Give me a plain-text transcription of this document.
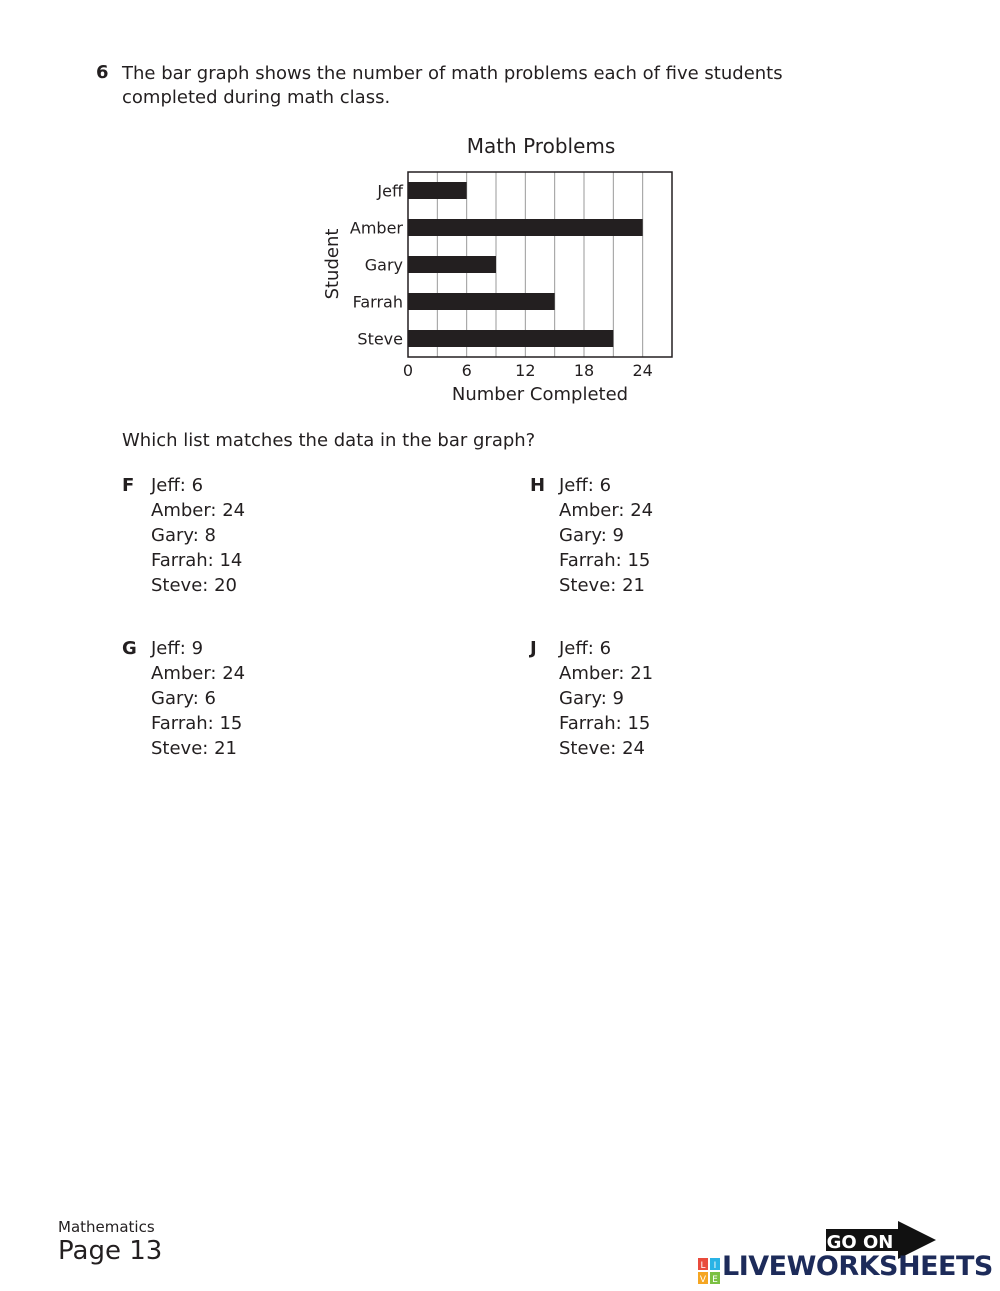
6 The bar graph shows the number of math problems each of five students completed during math class.
Math Problems
Jeff
Amber
Gary
Farrah
Steve
0	6	12 18 24
Student
Number Completed
Which list matches the data in the bar graph?
F Jeff: 6
Amber: 24
Gary: 8
Farrah: 14
Steve: 20
G Jeff: 9
Amber: 24
Gary: 6
Farrah: 15
Steve: 21
H Jeff: 6
Amber: 24
Gary: 9
Farrah: 15
Steve: 21
J Jeff: 6
Amber: 21
Gary: 9
Farrah: 15
Steve: 24
Mathematics
Page 13	GO ON
L I
V E LIVEWORKSHEETS
